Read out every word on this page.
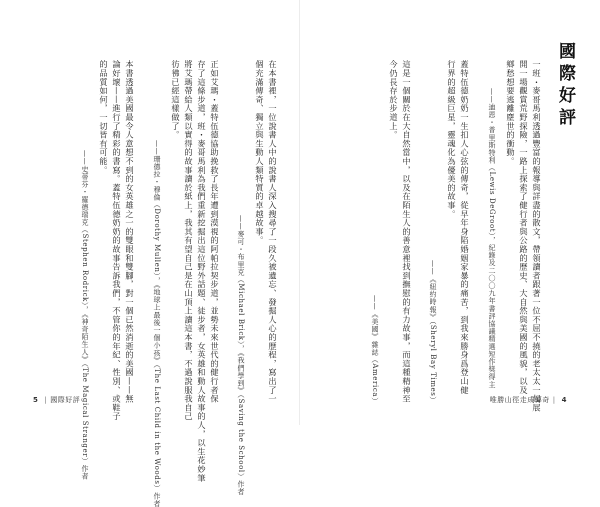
在本書裡，一位說書人中的說書人深入搜尋了一段久被遺忘、發掘人心的歷程，寫出了一
個充滿傳奇、獨立與生動人類特質的卓越故事。
——麥可・布里克（Michael Brick），《我們學到》（Saving the School）作者
正如艾瑪・蓋特伍德協助挽救了長年遭到漠視的阿帕拉契步道，並勢未來世代的健行者保
存了這條步道，班・麥哥馬利為我們重新挖掘出這位野外話題、徒步者，女英雄和動人故事的人，以生花妙筆
將艾瑪帶給人類以實得的故事讀於紙上，我其有望自己是在山頂上讀這本書，不過說服我自己
彷彿已經這樣做了。
——珊德拉・穆倫（Dorothy Mullen），《地球上最後一個小孩》（The Last Child in the Woods）作者
本書透過美國最令人意想不到的女英雄之一的雙眼和雙腳，對一個已然消逝的美國——無
論好壞——進行了精彩的書寫。蓋特伍德奶奶的故事告訴我們，不管你的年紀、性別、或鞋子
的品質如何，一切皆有可能。
——史蒂芬・羅德瑞克（Stephen Rodrick），《神奇陌生人》（The Magical Stranger）作者
5 | 國際好評
國際好評
一班・麥哥馬利透過豐富的報導與詳盡的散文，帶領讀者跟著一位不屈不撓的老太太一起展
開一場觀賞荒野探險，一路上探索了健行者與公路的歷史、大自然與美國的風貌，以及
鄉愁想要逃離塵世的衝動。
——迪恩・普里斯特利（Lewis DeGroot），紀錄及二〇〇九年書評協議精選短作獎得主
蓋特伍德奶奶一生扣人心弦的傳奇，從早年身陷婚姻家暴的痛苦，到我來勝身爲登山健
行界的超級巨星，靈魂化為優美的故事。
——《紐約時報》（Sheryl Bay Times）
這是一個關於在大自然當中，以及在陌生人的善意裡找到撫慰的有力故事，而這種精神至
今仍長存於步道上。
——《美國》雜誌（America）	唯勝山徑走成傳奇 | 4
